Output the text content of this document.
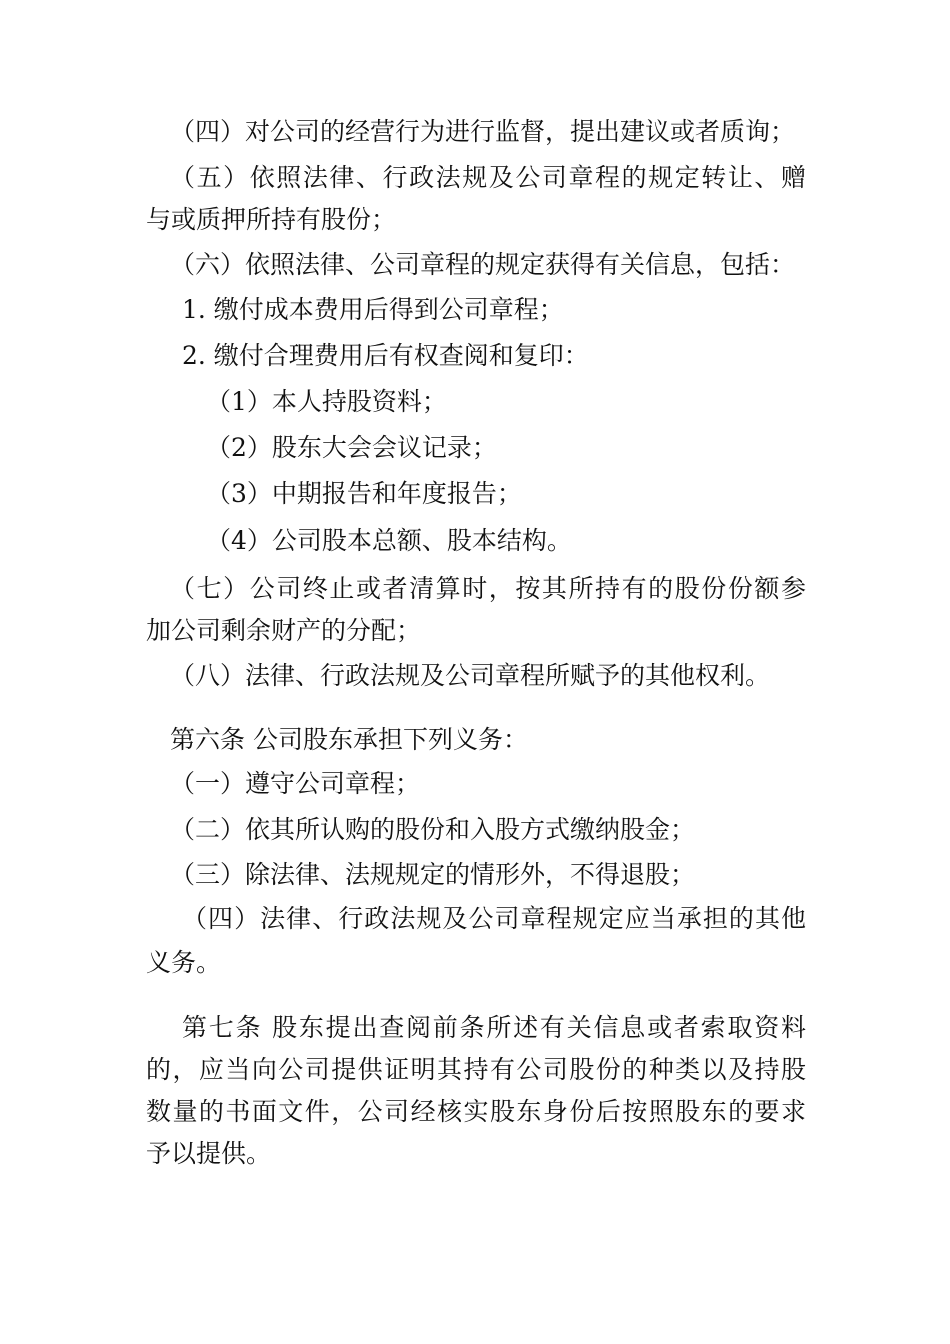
（四）对公司的经营行为进行监督，提出建议或者质询；
（五）依照法律、行政法规及公司章程的规定转让、赠
与或质押所持有股份；
（六）依照法律、公司章程的规定获得有关信息，包括：
1. 缴付成本费用后得到公司章程；
2. 缴付合理费用后有权查阅和复印：
（1）本人持股资料；
（2）股东大会会议记录；
（3）中期报告和年度报告；
（4）公司股本总额、股本结构。
（七）公司终止或者清算时，按其所持有的股份份额参
加公司剩余财产的分配；
（八）法律、行政法规及公司章程所赋予的其他权利。
第六条 公司股东承担下列义务：
（一）遵守公司章程；
（二）依其所认购的股份和入股方式缴纳股金；
（三）除法律、法规规定的情形外，不得退股；
（四）法律、行政法规及公司章程规定应当承担的其他
义务。
第七条 股东提出查阅前条所述有关信息或者索取资料
的，应当向公司提供证明其持有公司股份的种类以及持股
数量的书面文件，公司经核实股东身份后按照股东的要求
予以提供。
